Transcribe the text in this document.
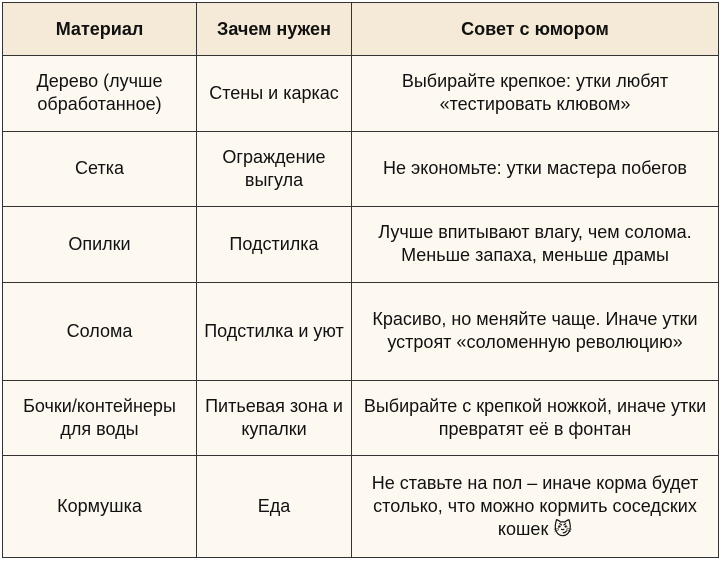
Материал	Зачем нужен	Совет с юмором
Дерево (лучше обработанное)	Стены и каркас	Выбирайте крепкое: утки любят «тестировать клювом»
Сетка	Ограждение выгула	Не экономьте: утки мастера побегов
Опилки	Подстилка	Лучше впитывают влагу, чем солома. Меньше запаха, меньше драмы
Солома	Подстилка и уют	Красиво, но меняйте чаще. Иначе утки устроят «соломенную революцию»
Бочки/контейнеры для воды	Питьевая зона и купалки	Выбирайте с крепкой ножкой, иначе утки превратят её в фонтан
Кормушка	Еда	Не ставьте на пол – иначе корма будет столько, что можно кормить соседских кошек 😼
